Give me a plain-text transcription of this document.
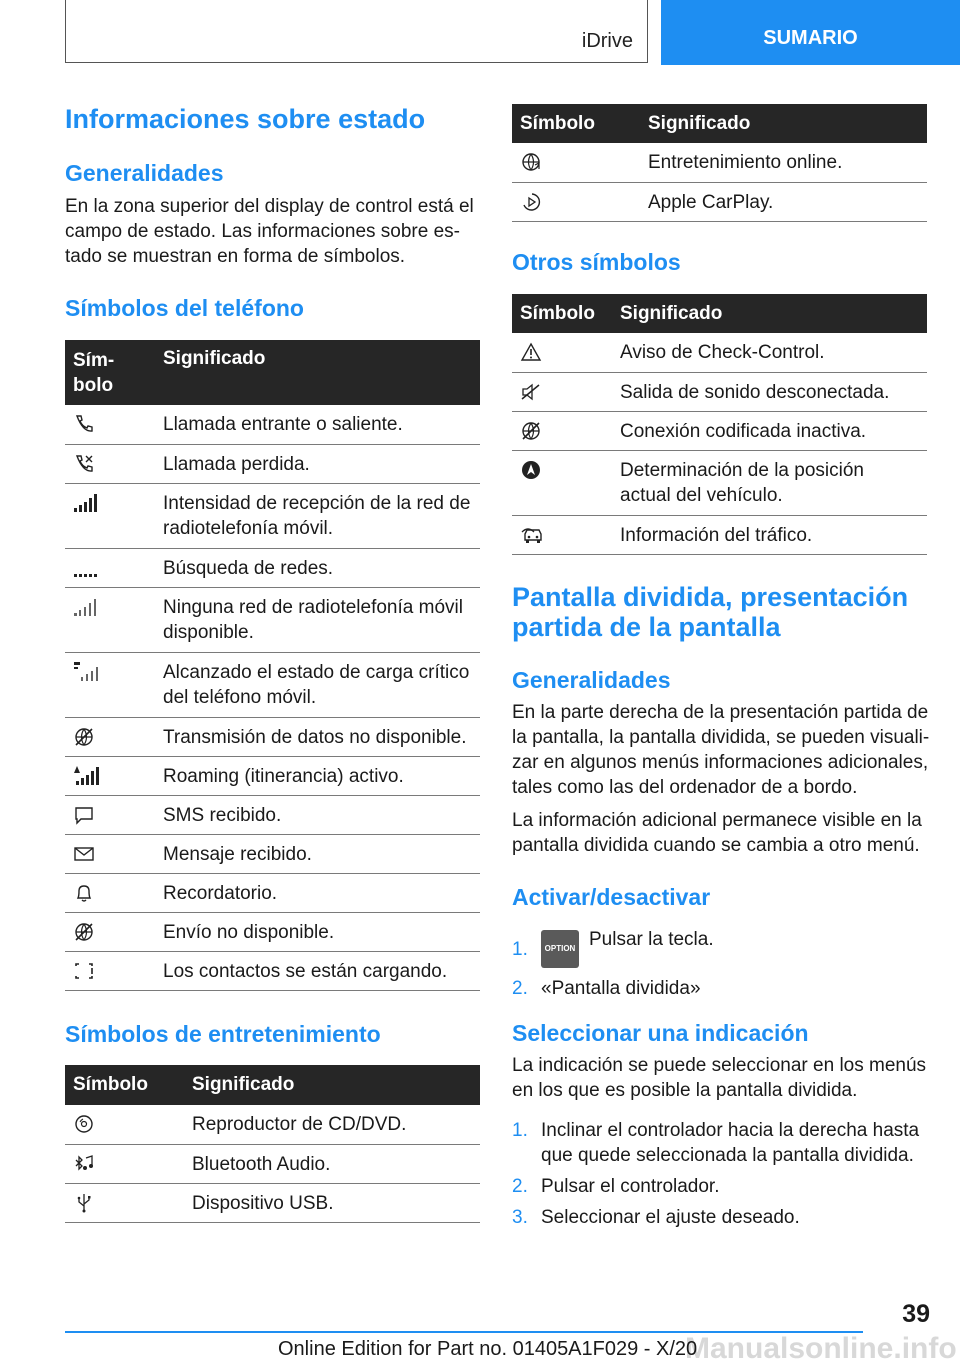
iDrive	SUMARIO
Informaciones sobre estado
Generalidades

En la zona superior del display de control está el campo de estado. Las informaciones sobre es-tado se muestran en forma de símbolos.

Símbolos del teléfono
Sím-bolo	Significado

	Llamada entrante o saliente.

	Llamada perdida.

	Intensidad de recepción de la red de radiotelefonía móvil.

	Búsqueda de redes.

	Ninguna red de radiotelefonía móvil disponible.

	Alcanzado el estado de carga crítico del teléfono móvil.

	Transmisión de datos no disponible.

	Roaming (itinerancia) activo.

	SMS recibido.

	Mensaje recibido.

	Recordatorio.

	Envío no disponible.

	Los contactos se están cargando.
Símbolos de entretenimiento
Símbolo	Significado

	Reproductor de CD/DVD.

	Bluetooth Audio.

	Dispositivo USB.
Símbolo	Significado

	Entretenimiento online.

	Apple CarPlay.
Otros símbolos
Símbolo	Significado

	Aviso de Check-Control.

	Salida de sonido desconectada.

	Conexión codificada inactiva.

	Determinación de la posición actual del vehículo.

	Información del tráfico.
Pantalla dividida, presentación partida de la pantalla
Generalidades

En la parte derecha de la presentación partida de la pantalla, la pantalla dividida, se pueden visuali-zar en algunos menús informaciones adicionales, tales como las del ordenador de a bordo.

La información adicional permanece visible en la pantalla dividida cuando se cambia a otro menú.

Activar/desactivar
1. OPTION Pulsar la tecla.
2. «Pantalla dividida»
Seleccionar una indicación

La indicación se puede seleccionar en los menús en los que es posible la pantalla dividida.

1. Inclinar el controlador hacia la derecha hasta que quede seleccionada la pantalla dividida.
2. Pulsar el controlador.
3. Seleccionar el ajuste deseado.
39
Manualsonline.info
Online Edition for Part no. 01405A1F029 - X/20
